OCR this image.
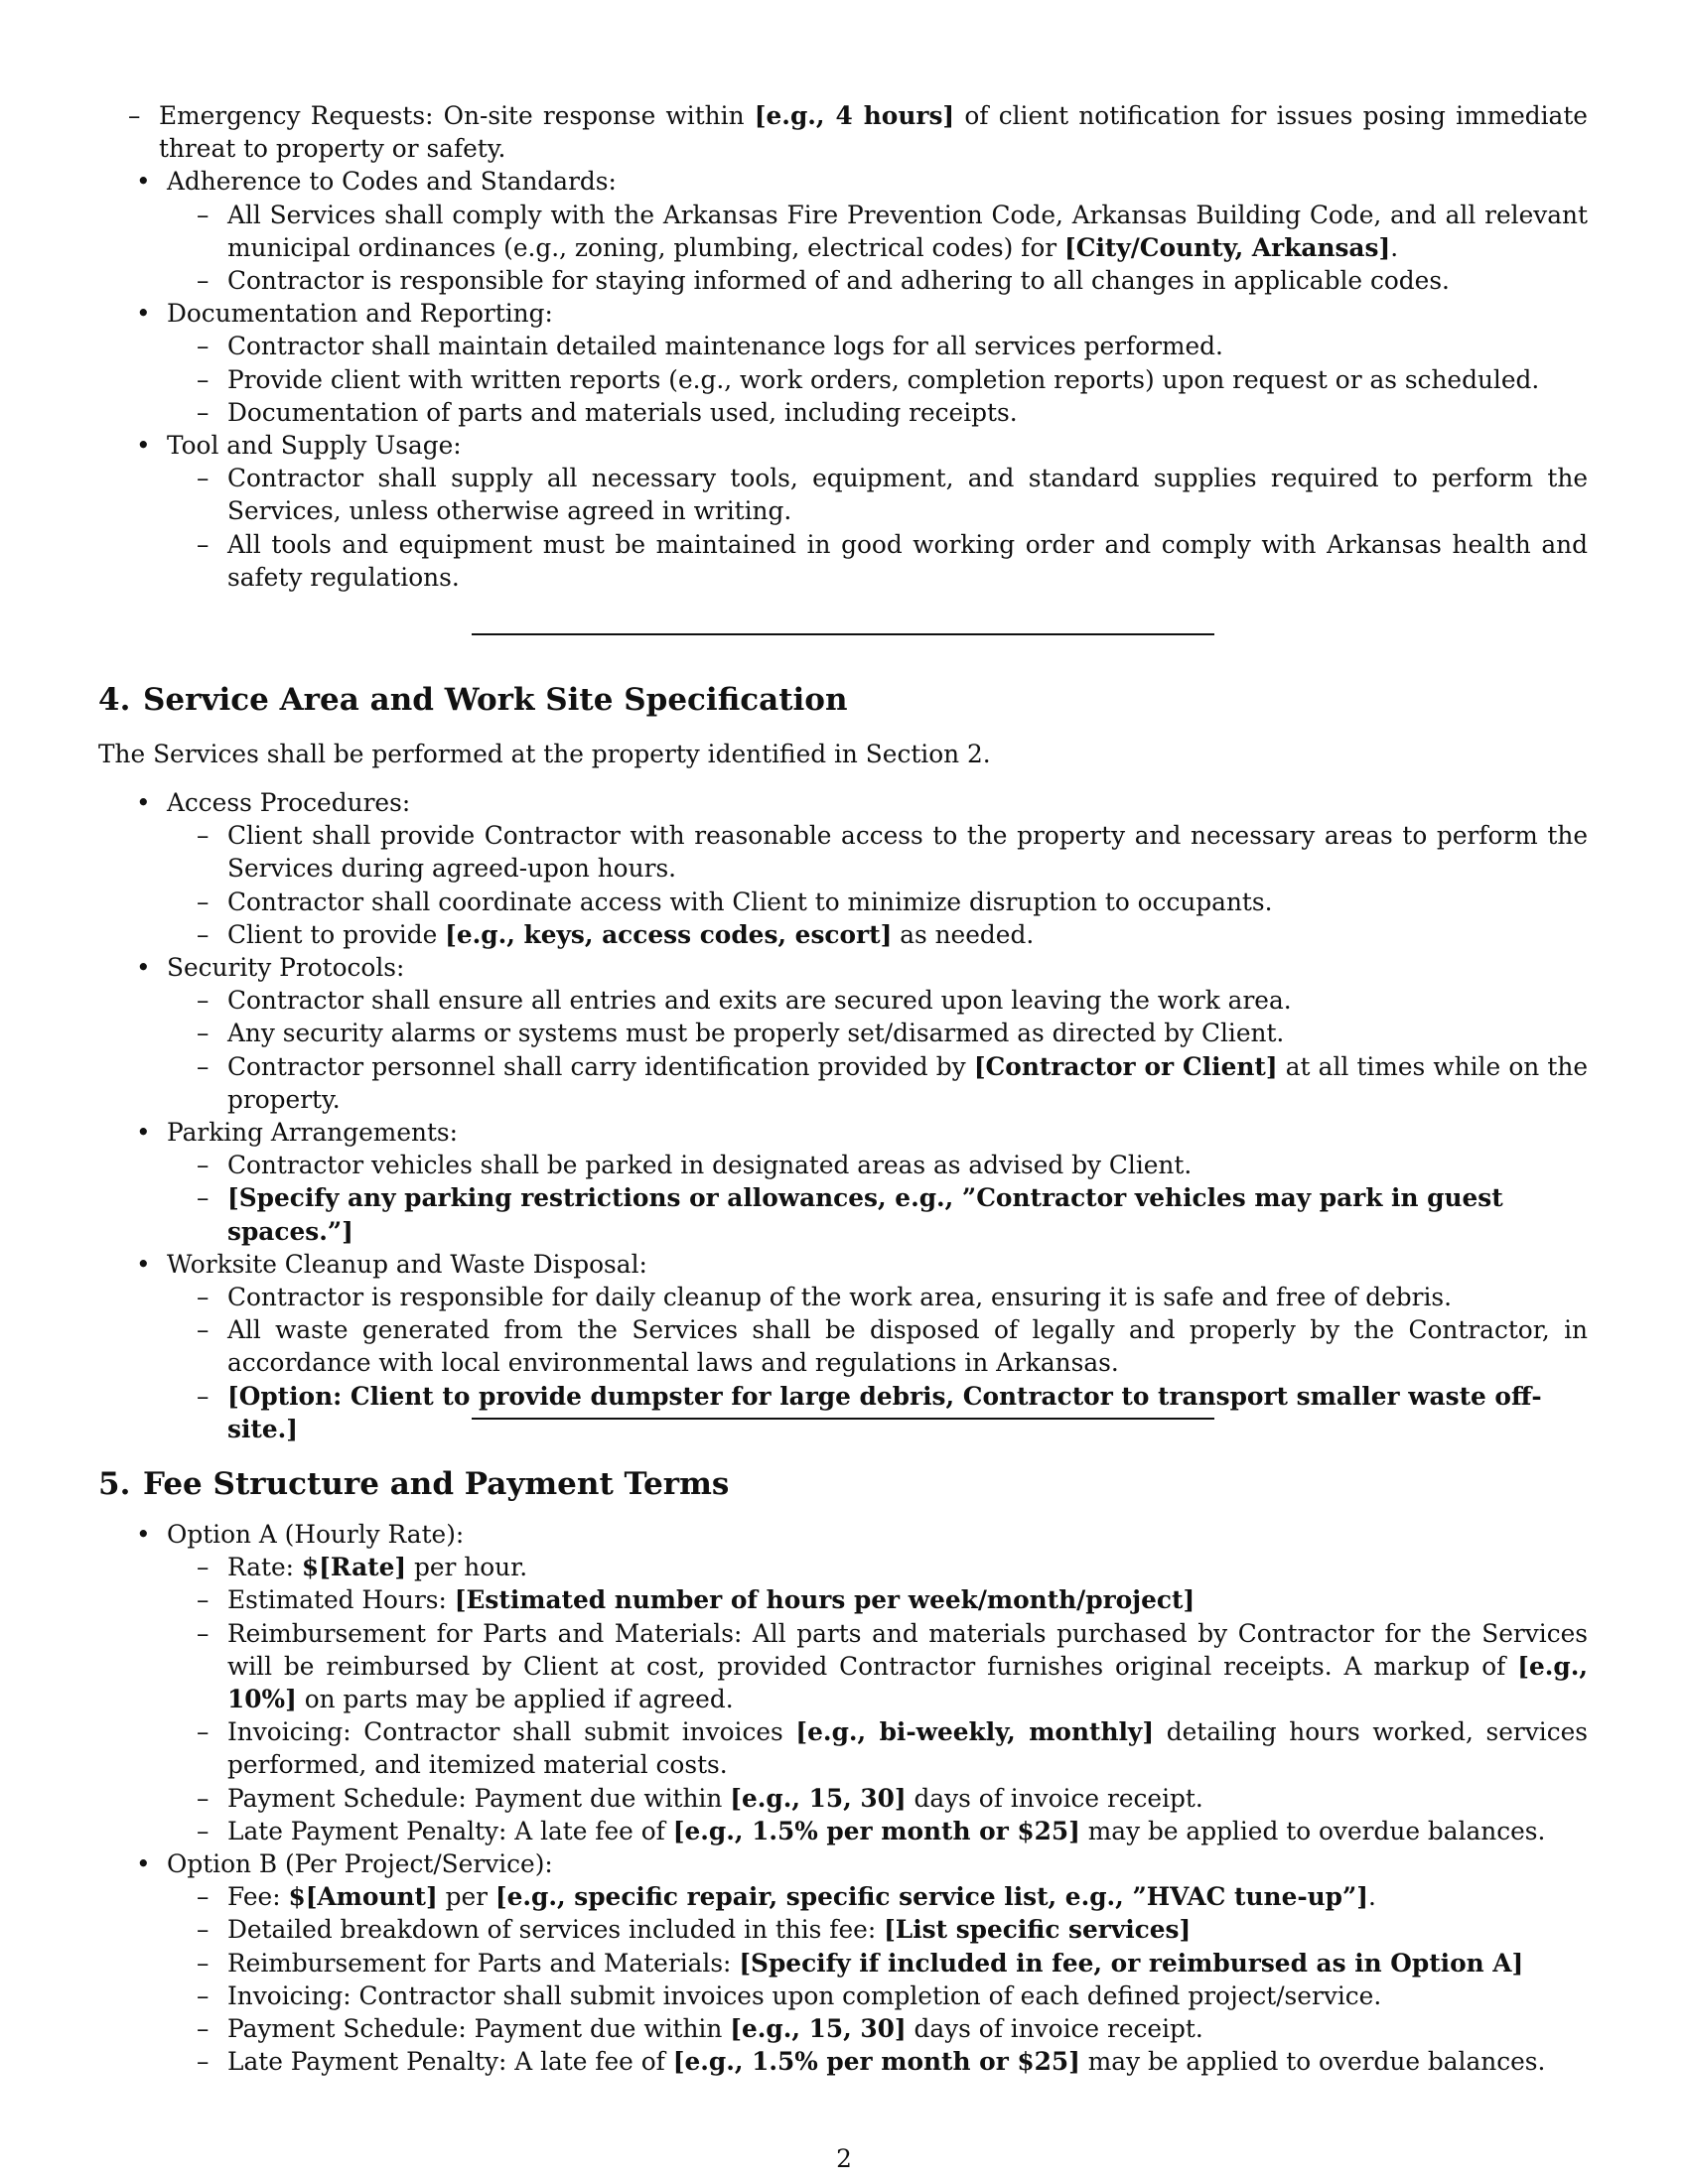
– Emergency Requests: On-site response within [e.g., 4 hours] of client notification for issues posing immediate threat to property or safety.
• Adherence to Codes and Standards:
– All Services shall comply with the Arkansas Fire Prevention Code, Arkansas Building Code, and all relevant municipal ordinances (e.g., zoning, plumbing, electrical codes) for [City/County, Arkansas].
– Contractor is responsible for staying informed of and adhering to all changes in applicable codes.
• Documentation and Reporting:
– Contractor shall maintain detailed maintenance logs for all services performed.
– Provide client with written reports (e.g., work orders, completion reports) upon request or as scheduled.
– Documentation of parts and materials used, including receipts.
• Tool and Supply Usage:
– Contractor shall supply all necessary tools, equipment, and standard supplies required to perform the Services, unless otherwise agreed in writing.
– All tools and equipment must be maintained in good working order and comply with Arkansas health and safety regulations.
4. Service Area and Work Site Specification

The Services shall be performed at the property identified in Section 2.

• Access Procedures:
– Client shall provide Contractor with reasonable access to the property and necessary areas to perform the Services during agreed-upon hours.
– Contractor shall coordinate access with Client to minimize disruption to occupants.
– Client to provide [e.g., keys, access codes, escort] as needed.
• Security Protocols:
– Contractor shall ensure all entries and exits are secured upon leaving the work area.
– Any security alarms or systems must be properly set/disarmed as directed by Client.
– Contractor personnel shall carry identification provided by [Contractor or Client] at all times while on the property.
• Parking Arrangements:
– Contractor vehicles shall be parked in designated areas as advised by Client.
– [Specify any parking restrictions or allowances, e.g., ”Contractor vehicles may park in guest spaces.”]
• Worksite Cleanup and Waste Disposal:
– Contractor is responsible for daily cleanup of the work area, ensuring it is safe and free of debris.
– All waste generated from the Services shall be disposed of legally and properly by the Contractor, in accordance with local environmental laws and regulations in Arkansas.
– [Option: Client to provide dumpster for large debris, Contractor to transport smaller waste off-site.]
5. Fee Structure and Payment Terms
• Option A (Hourly Rate):
– Rate: $[Rate] per hour.
– Estimated Hours: [Estimated number of hours per week/month/project]
– Reimbursement for Parts and Materials: All parts and materials purchased by Contractor for the Services will be reimbursed by Client at cost, provided Contractor furnishes original receipts. A markup of [e.g., 10%] on parts may be applied if agreed.
– Invoicing: Contractor shall submit invoices [e.g., bi-weekly, monthly] detailing hours worked, services performed, and itemized material costs.
– Payment Schedule: Payment due within [e.g., 15, 30] days of invoice receipt.
– Late Payment Penalty: A late fee of [e.g., 1.5% per month or $25] may be applied to overdue balances.
• Option B (Per Project/Service):
– Fee: $[Amount] per [e.g., specific repair, specific service list, e.g., ”HVAC tune-up”].
– Detailed breakdown of services included in this fee: [List specific services]
– Reimbursement for Parts and Materials: [Specify if included in fee, or reimbursed as in Option A]
– Invoicing: Contractor shall submit invoices upon completion of each defined project/service.
– Payment Schedule: Payment due within [e.g., 15, 30] days of invoice receipt.
– Late Payment Penalty: A late fee of [e.g., 1.5% per month or $25] may be applied to overdue balances.
2
